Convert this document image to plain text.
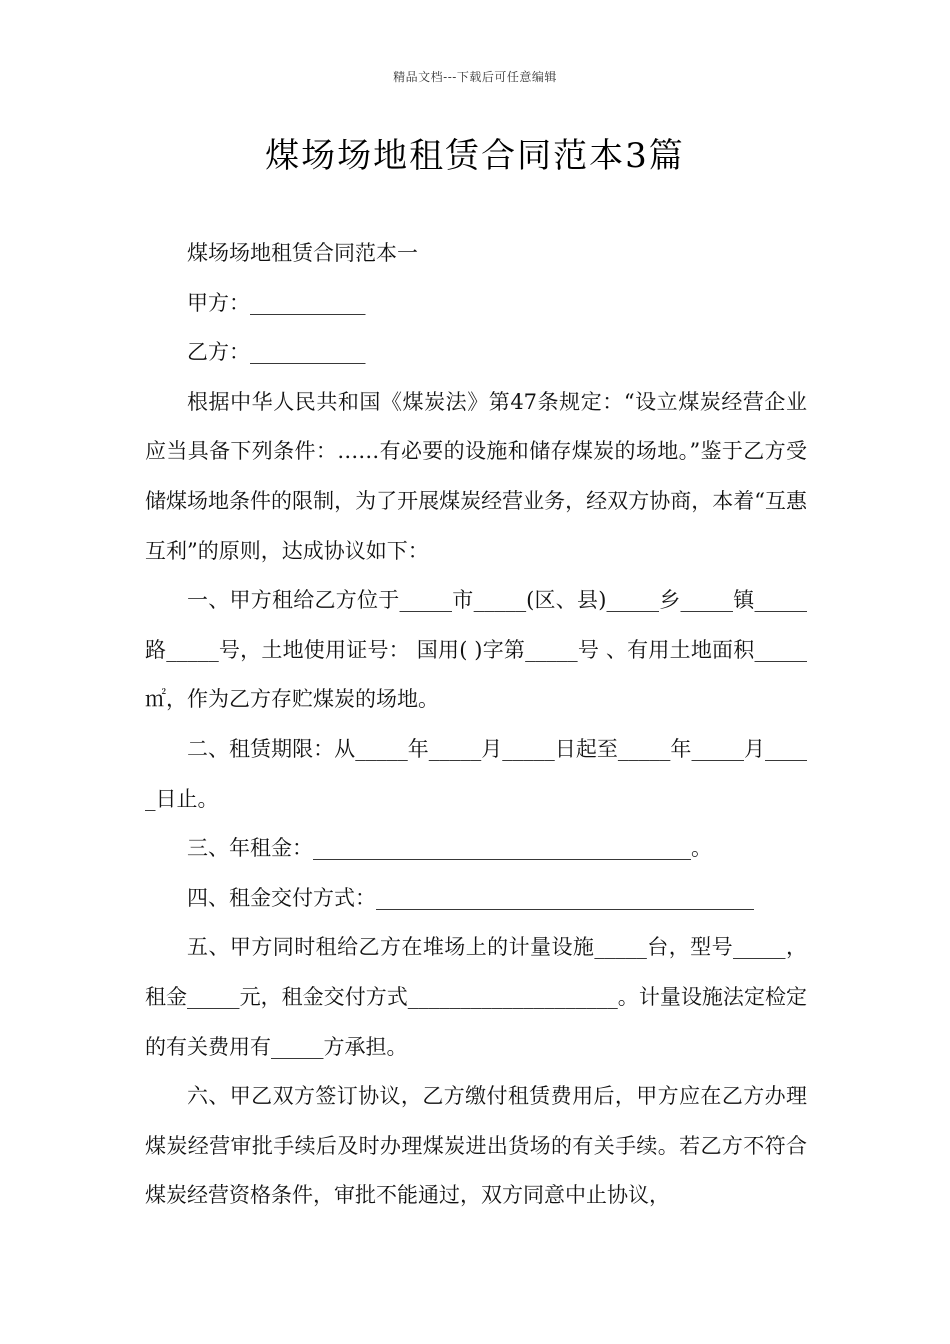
精品文档---下载后可任意编辑
煤场场地租赁合同范本3篇

煤场场地租赁合同范本一

甲方：___________

乙方：___________

根据中华人民共和国《煤炭法》第47条规定：“设立煤炭经营企业应当具备下列条件：……有必要的设施和储存煤炭的场地。”鉴于乙方受储煤场地条件的限制，为了开展煤炭经营业务，经双方协商，本着“互惠互利”的原则，达成协议如下：

一、甲方租给乙方位于_____市_____(区、县)_____乡_____镇_____路_____号，土地使用证号： 国用( )字第_____号 、有用土地面积_____㎡，作为乙方存贮煤炭的场地。

二、租赁期限：从_____年_____月_____日起至_____年_____月_____日止。

三、年租金：____________________________________。

四、租金交付方式：____________________________________

五、甲方同时租给乙方在堆场上的计量设施_____台，型号_____，租金_____元，租金交付方式____________________。计量设施法定检定的有关费用有_____方承担。

六、甲乙双方签订协议，乙方缴付租赁费用后，甲方应在乙方办理煤炭经营审批手续后及时办理煤炭进出货场的有关手续。若乙方不符合煤炭经营资格条件，审批不能通过，双方同意中止协议，
